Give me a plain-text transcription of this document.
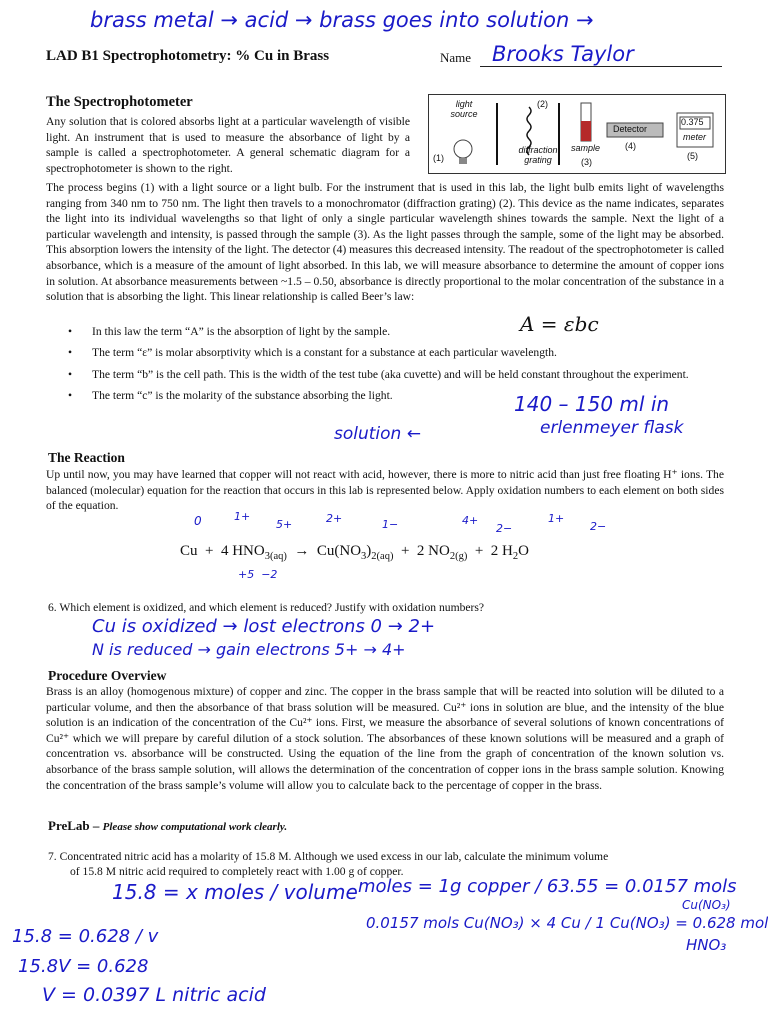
brass metal → acid → brass goes into solution →
LAD B1 Spectrophotometry: % Cu in Brass	Name Brooks Taylor
The Spectrophotometer
Any solution that is colored absorbs light at a particular wavelength of visible light. An instrument that is used to measure the absorbance of light by a sample is called a spectrophotometer. A general schematic diagram for a spectrophotometer is shown to the right.
light source
(1)
(2)
diffraction grating
sample
(3)
Detector
(4)
0.375
meter
(5)
The process begins (1) with a light source or a light bulb. For the instrument that is used in this lab, the light bulb emits light of wavelengths ranging from 340 nm to 750 nm. The light then travels to a monochromator (diffraction grating) (2). This device as the name indicates, separates the light into its individual wavelengths so that light of only a single particular wavelength shines towards the sample. Next the light of a particular wavelength and intensity, is passed through the sample (3). As the light passes through the sample, some of the light may be absorbed. This absorption lowers the intensity of the light. The detector (4) measures this decreased intensity. The readout of the spectrophotometer is called absorbance, which is a measure of the amount of light absorbed. In this lab, we will measure absorbance to determine the amount of copper ions in solution. At absorbance measurements between ~1.5 – 0.50, absorbance is directly proportional to the molar concentration of the substance in a solution that is absorbing the light. This linear relationship is called Beer’s law:
A = εbc
• In this law the term “A” is the absorption of light by the sample.
• The term “ε” is molar absorptivity which is a constant for a substance at each particular wavelength.
• The term “b” is the cell path. This is the width of the test tube (aka cuvette) and will be held constant throughout the experiment.
• The term “c” is the molarity of the substance absorbing the light.	140 – 150 ml in
erlenmeyer flask
solution ←
The Reaction
Up until now, you may have learned that copper will not react with acid, however, there is more to nitric acid than just free floating H⁺ ions. The balanced (molecular) equation for the reaction that occurs in this lab is represented below. Apply oxidation numbers to each element on both sides of the equation.
0	1+
5+	2+	1−	4+
2−
1+
2−
Cu  +  4 $HNO_{3(aq)} \to Cu(NO_3)_{2(aq)} + 2$ $NO_{2(g)} + 2$ $H_2O$
+5  −2
6. Which element is oxidized, and which element is reduced? Justify with oxidation numbers?
Cu is oxidized → lost electrons 0 → 2+
N is reduced → gain electrons 5+ → 4+
Procedure Overview
Brass is an alloy (homogenous mixture) of copper and zinc. The copper in the brass sample that will be reacted into solution will be diluted to a particular volume, and then the absorbance of that brass solution will be measured. Cu²⁺ ions in solution are blue, and the intensity of the blue solution is an indication of the concentration of the Cu²⁺ ions. First, we measure the absorbance of several solutions of known concentrations of Cu²⁺ which we will prepare by careful dilution of a stock solution. The absorbances of these known solutions will be measured and a graph of concentration vs. absorbance will be constructed. Using the equation of the line from the graph of concentration of the known solution vs. absorbance of the brass sample solution, will allows the determination of the concentration of copper ions in the brass sample solution. Knowing the concentration of the brass sample’s volume will allow you to calculate back to the percentage of copper in the brass.
PreLab – Please show computational work clearly.
7. Concentrated nitric acid has a molarity of 15.8 M. Although we used excess in our lab, calculate the minimum volume
of 15.8 M nitric acid required to completely react with 1.00 g of copper.
15.8 = x moles / volume moles = 1g copper / 63.55 = 0.0157 mols
Cu(NO₃)
0.0157 mols Cu(NO₃) × 4 Cu / 1 Cu(NO₃) = 0.628 mol
HNO₃
15.8 = 0.628 / v
15.8V = 0.628
V = 0.0397 L nitric acid
